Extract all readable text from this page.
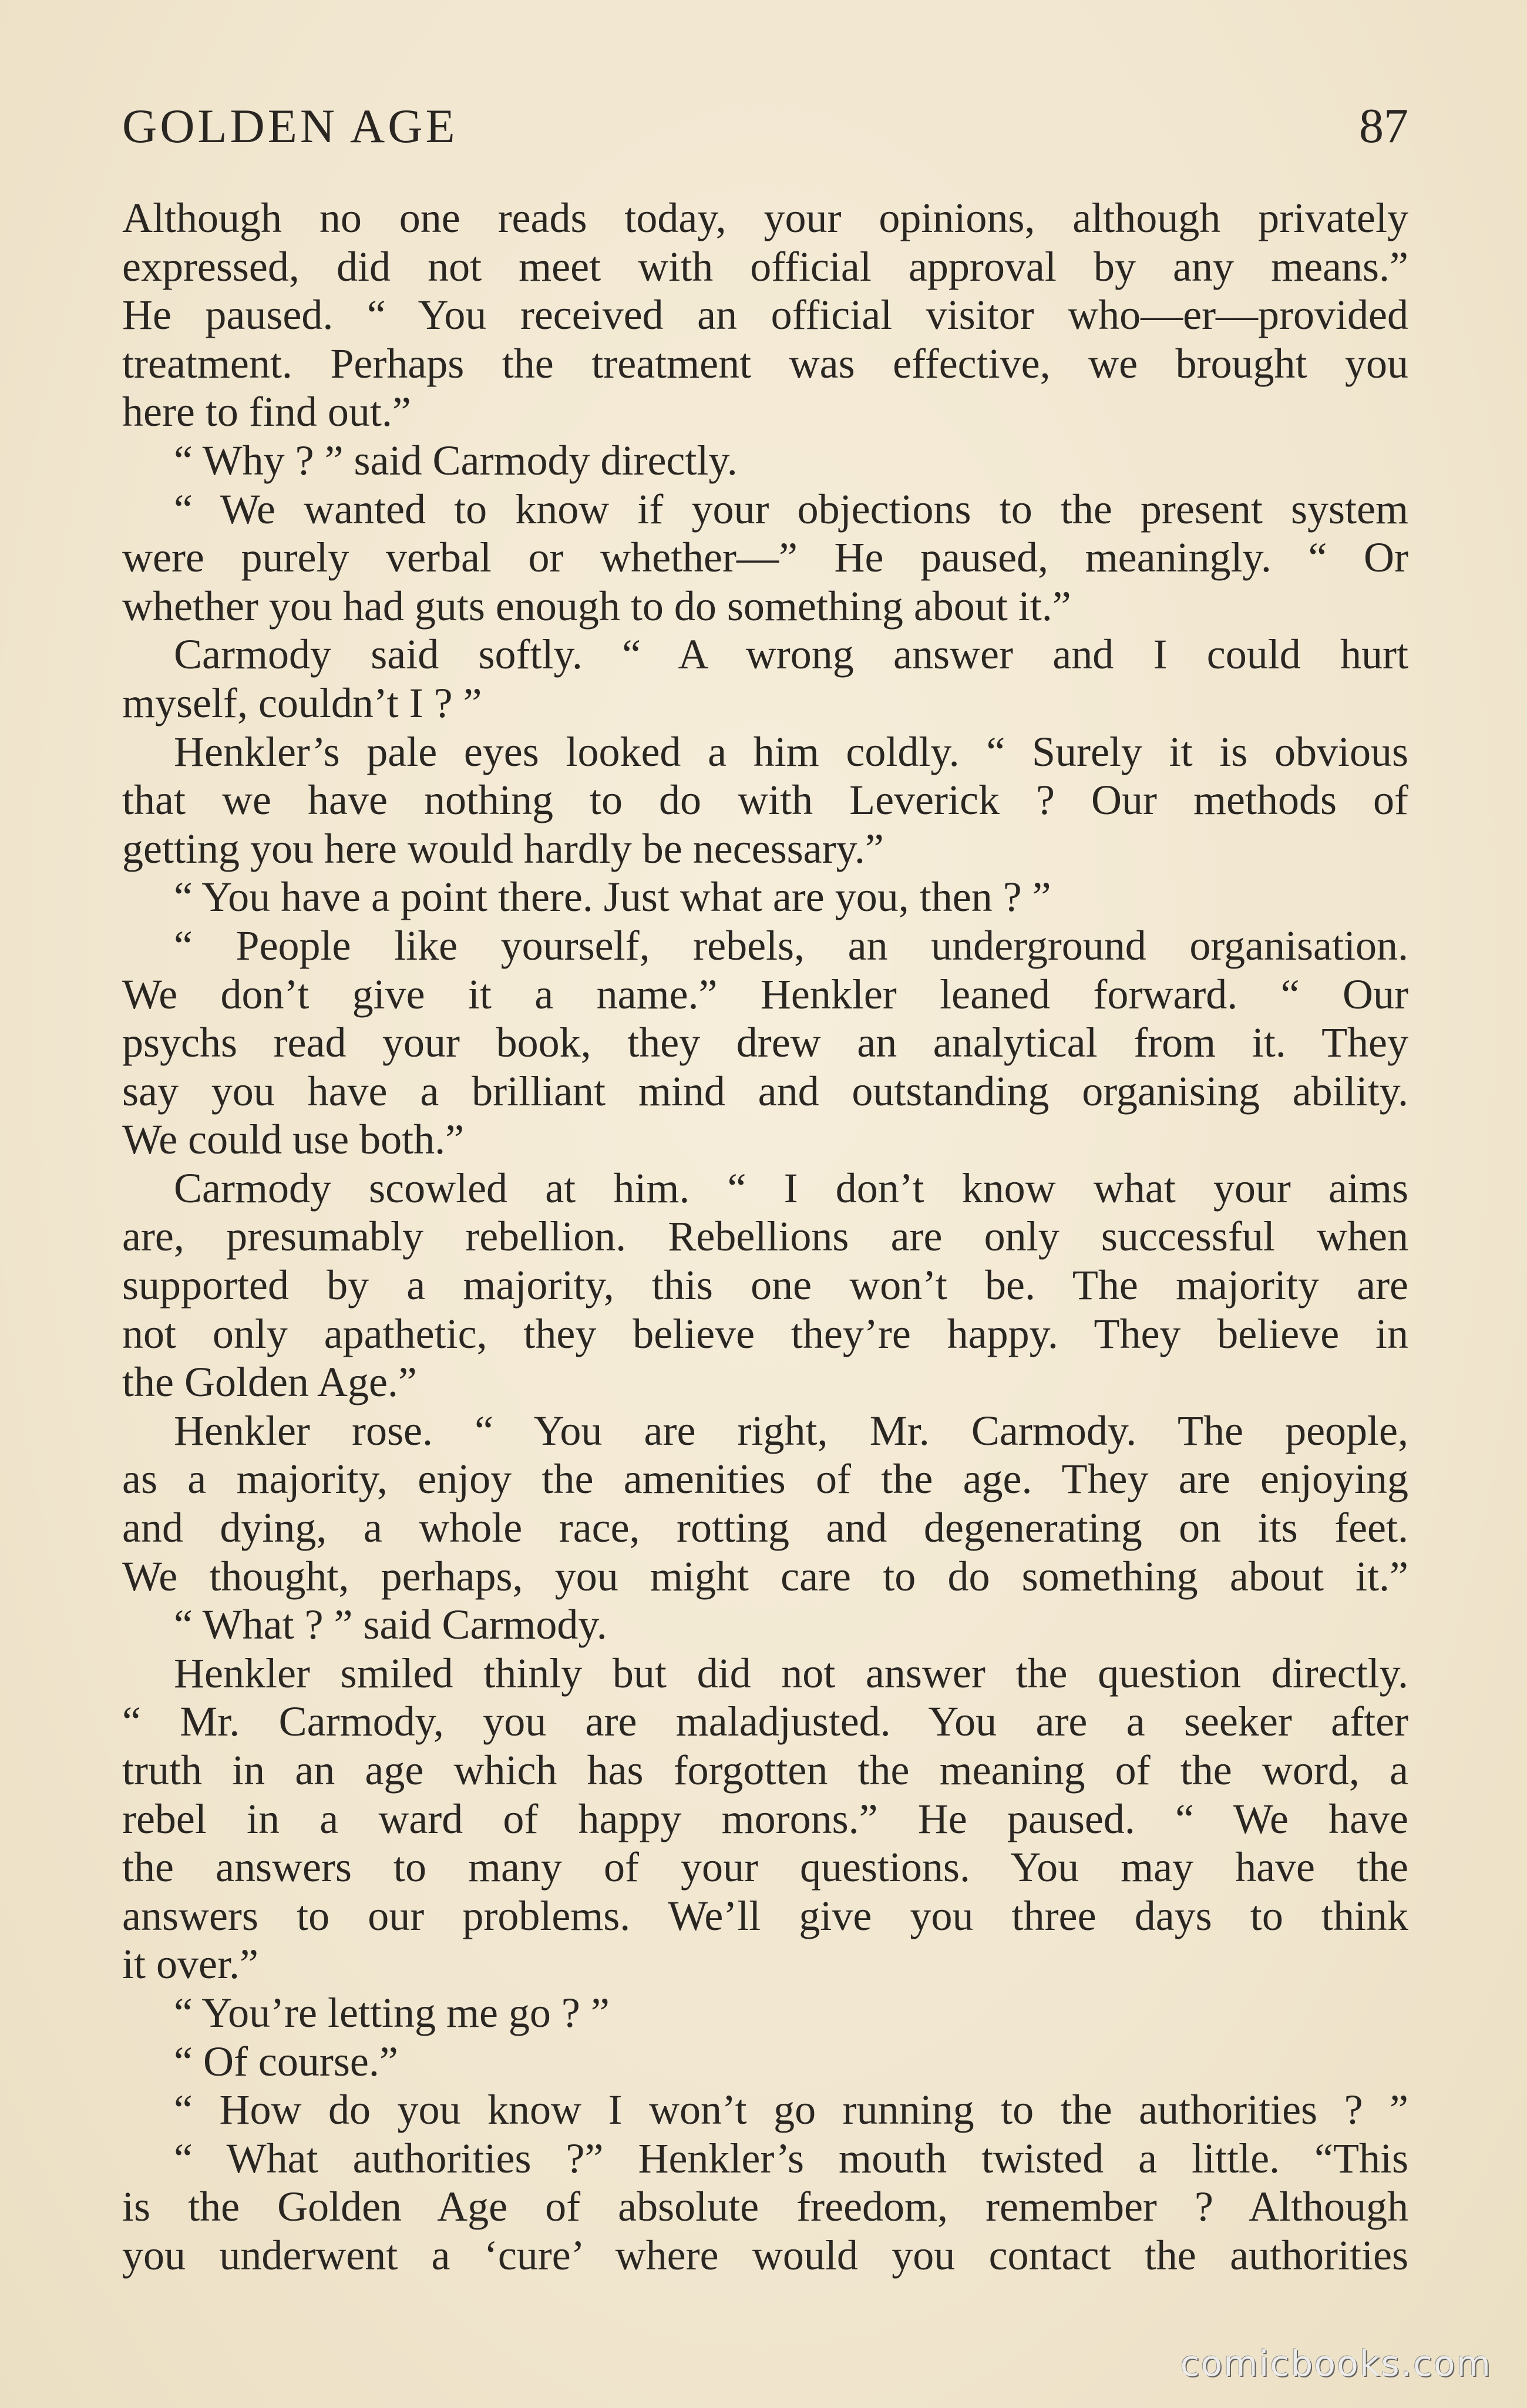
GOLDEN AGE	87
Although no one reads today, your opinions, although privately
expressed, did not meet with official approval by any means.”
He paused. “ You received an official visitor who—er—provided
treatment. Perhaps the treatment was effective, we brought you
here to find out.”
“ Why ? ” said Carmody directly.
“ We wanted to know if your objections to the present system
were purely verbal or whether—” He paused, meaningly. “ Or
whether you had guts enough to do something about it.”
Carmody said softly. “ A wrong answer and I could hurt
myself, couldn’t I ? ”
Henkler’s pale eyes looked a him coldly. “ Surely it is obvious
that we have nothing to do with Leverick ? Our methods of
getting you here would hardly be necessary.”
“ You have a point there. Just what are you, then ? ”
“ People like yourself, rebels, an underground organisation.
We don’t give it a name.” Henkler leaned forward. “ Our
psychs read your book, they drew an analytical from it. They
say you have a brilliant mind and outstanding organising ability.
We could use both.”
Carmody scowled at him. “ I don’t know what your aims
are, presumably rebellion. Rebellions are only successful when
supported by a majority, this one won’t be. The majority are
not only apathetic, they believe they’re happy. They believe in
the Golden Age.”
Henkler rose. “ You are right, Mr. Carmody. The people,
as a majority, enjoy the amenities of the age. They are enjoying
and dying, a whole race, rotting and degenerating on its feet.
We thought, perhaps, you might care to do something about it.”
“ What ? ” said Carmody.
Henkler smiled thinly but did not answer the question directly.
“ Mr. Carmody, you are maladjusted. You are a seeker after
truth in an age which has forgotten the meaning of the word, a
rebel in a ward of happy morons.” He paused. “ We have
the answers to many of your questions. You may have the
answers to our problems. We’ll give you three days to think
it over.”
“ You’re letting me go ? ”
“ Of course.”
“ How do you know I won’t go running to the authorities ? ”
“ What authorities ?” Henkler’s mouth twisted a little. “This
is the Golden Age of absolute freedom, remember ? Although
you underwent a ‘cure’ where would you contact the authorities
comicbooks.com
